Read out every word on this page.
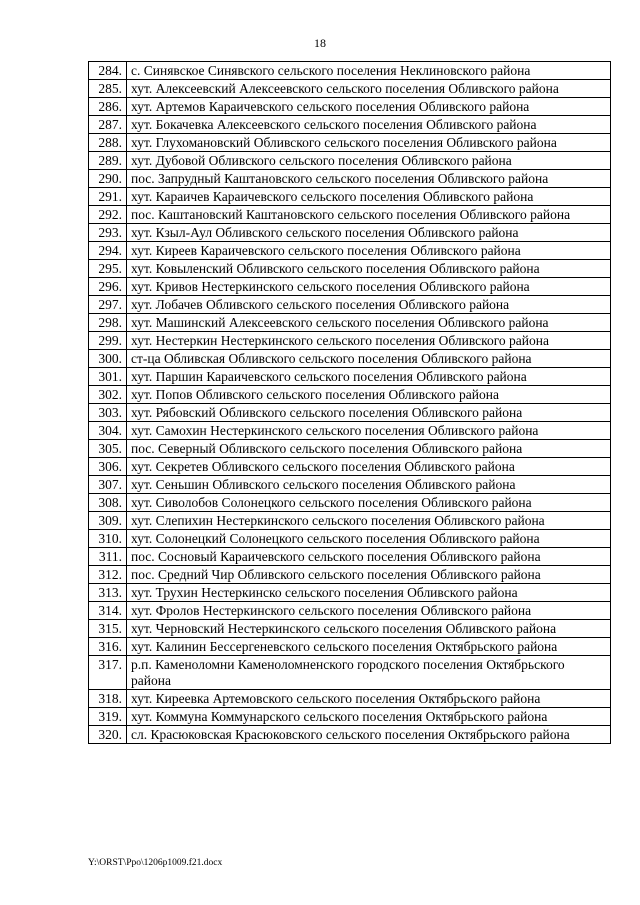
18
284.	с. Синявское Синявского сельского поселения Неклиновского района
285.	хут. Алексеевский Алексеевского сельского поселения Обливского района
286.	хут. Артемов Караичевского сельского поселения Обливского района
287.	хут. Бокачевка Алексеевского сельского поселения Обливского района
288.	хут. Глухомановский Обливского сельского поселения Обливского района
289.	хут. Дубовой Обливского сельского поселения Обливского района
290.	пос. Запрудный Каштановского сельского поселения Обливского района
291.	хут. Караичев Караичевского сельского поселения Обливского района
292.	пос. Каштановский Каштановского сельского поселения Обливского района
293.	хут. Кзыл-Аул Обливского сельского поселения Обливского района
294.	хут. Киреев Караичевского сельского поселения Обливского района
295.	хут. Ковыленский Обливского сельского поселения Обливского района
296.	хут. Кривов Нестеркинского сельского поселения Обливского района
297.	хут. Лобачев Обливского сельского поселения Обливского района
298.	хут. Машинский Алексеевского сельского поселения Обливского района
299.	хут. Нестеркин Нестеркинского сельского поселения Обливского района
300.	ст-ца Обливская Обливского сельского поселения Обливского района
301.	хут. Паршин Караичевского сельского поселения Обливского района
302.	хут. Попов Обливского сельского поселения Обливского района
303.	хут. Рябовский Обливского сельского поселения Обливского района
304.	хут. Самохин Нестеркинского сельского поселения Обливского района
305.	пос. Северный Обливского сельского поселения Обливского района
306.	хут. Секретев Обливского сельского поселения Обливского района
307.	хут. Сеньшин Обливского сельского поселения Обливского района
308.	хут. Сиволобов Солонецкого сельского поселения Обливского района
309.	хут. Слепихин Нестеркинского сельского поселения Обливского района
310.	хут. Солонецкий Солонецкого сельского поселения Обливского района
311.	пос. Сосновый Караичевского сельского поселения Обливского района
312.	пос. Средний Чир Обливского сельского поселения Обливского района
313.	хут. Трухин Нестеркинско сельского поселения Обливского района
314.	хут. Фролов Нестеркинского сельского поселения Обливского района
315.	хут. Черновский Нестеркинского сельского поселения Обливского района
316.	хут. Калинин Бессергеневского сельского поселения Октябрьского района
317.	р.п. Каменоломни Каменоломненского городского поселения Октябрьского района
318.	хут. Киреевка Артемовского сельского поселения Октябрьского района
319.	хут. Коммуна Коммунарского сельского поселения Октябрьского района
320.	сл. Красюковская Красюковского сельского поселения Октябрьского района
Y:\ORST\Ppo\1206p1009.f21.docx
